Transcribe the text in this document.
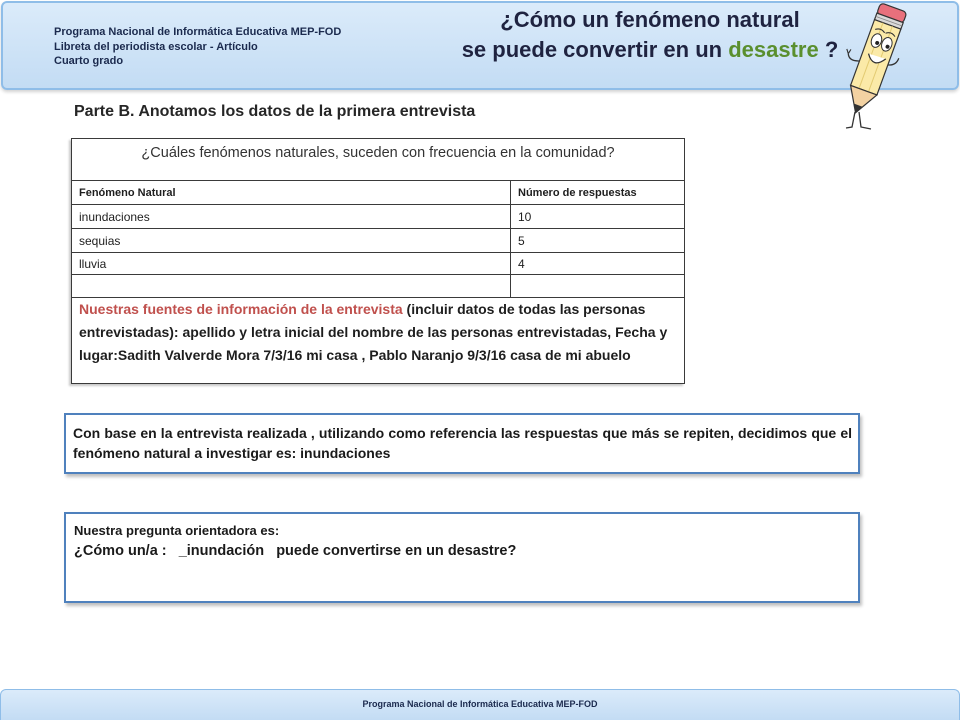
Programa Nacional de Informática Educativa MEP-FOD
Libreta del periodista escolar - Artículo
Cuarto grado
¿Cómo un fenómeno natural
se puede convertir en un desastre ?
Parte B. Anotamos los datos de la primera entrevista
¿Cuáles fenómenos naturales, suceden con frecuencia en la comunidad?	
Fenómeno Natural	Número de respuestas
inundaciones	10
sequias	5
lluvia	4

Nuestras fuentes de información de la entrevista (incluir datos de todas las personas entrevistadas): apellido y letra inicial del nombre de las personas entrevistadas, Fecha y lugar:Sadith Valverde Mora 7/3/16 mi casa , Pablo Naranjo 9/3/16 casa de mi abuelo	
Con base en la entrevista realizada , utilizando como referencia las respuestas que más se repiten, decidimos que el fenómeno natural a investigar es: inundaciones
Nuestra pregunta orientadora es:
¿Cómo un/a :   _inundación   puede convertirse en un desastre?
Programa Nacional de Informática Educativa MEP-FOD
